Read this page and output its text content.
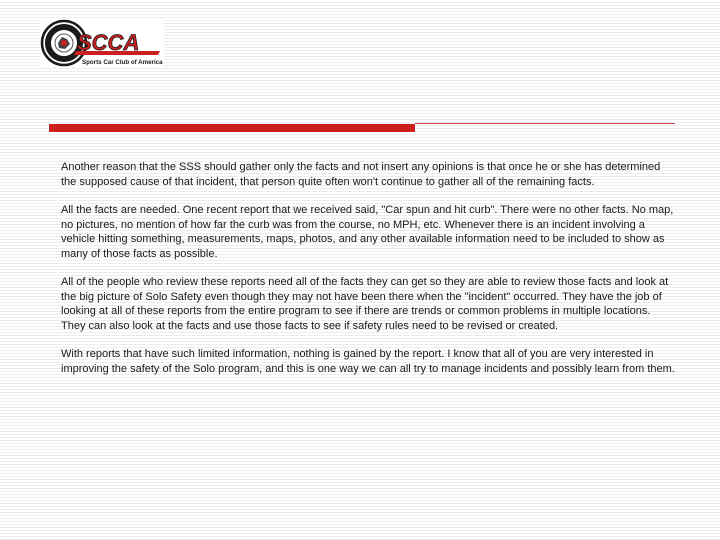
SCCA
Sports Car Club of America

Another reason that the SSS should gather only the facts and not insert any opinions is that once he or she has determined the supposed cause of that incident, that person quite often won't continue to gather all of the remaining facts.

All the facts are needed. One recent report that we received said, "Car spun and hit curb". There were no other facts. No map, no pictures, no mention of how far the curb was from the course, no MPH, etc. Whenever there is an incident involving a vehicle hitting something, measurements, maps, photos, and any other available information need to be included to show as many of those facts as possible.

All of the people who review these reports need all of the facts they can get so they are able to review those facts and look at the big picture of Solo Safety even though they may not have been there when the "incident" occurred. They have the job of looking at all of these reports from the entire program to see if there are trends or common problems in multiple locations. They can also look at the facts and use those facts to see if safety rules need to be revised or created.

With reports that have such limited information, nothing is gained by the report. I know that all of you are very interested in improving the safety of the Solo program, and this is one way we can all try to manage incidents and possibly learn from them.
